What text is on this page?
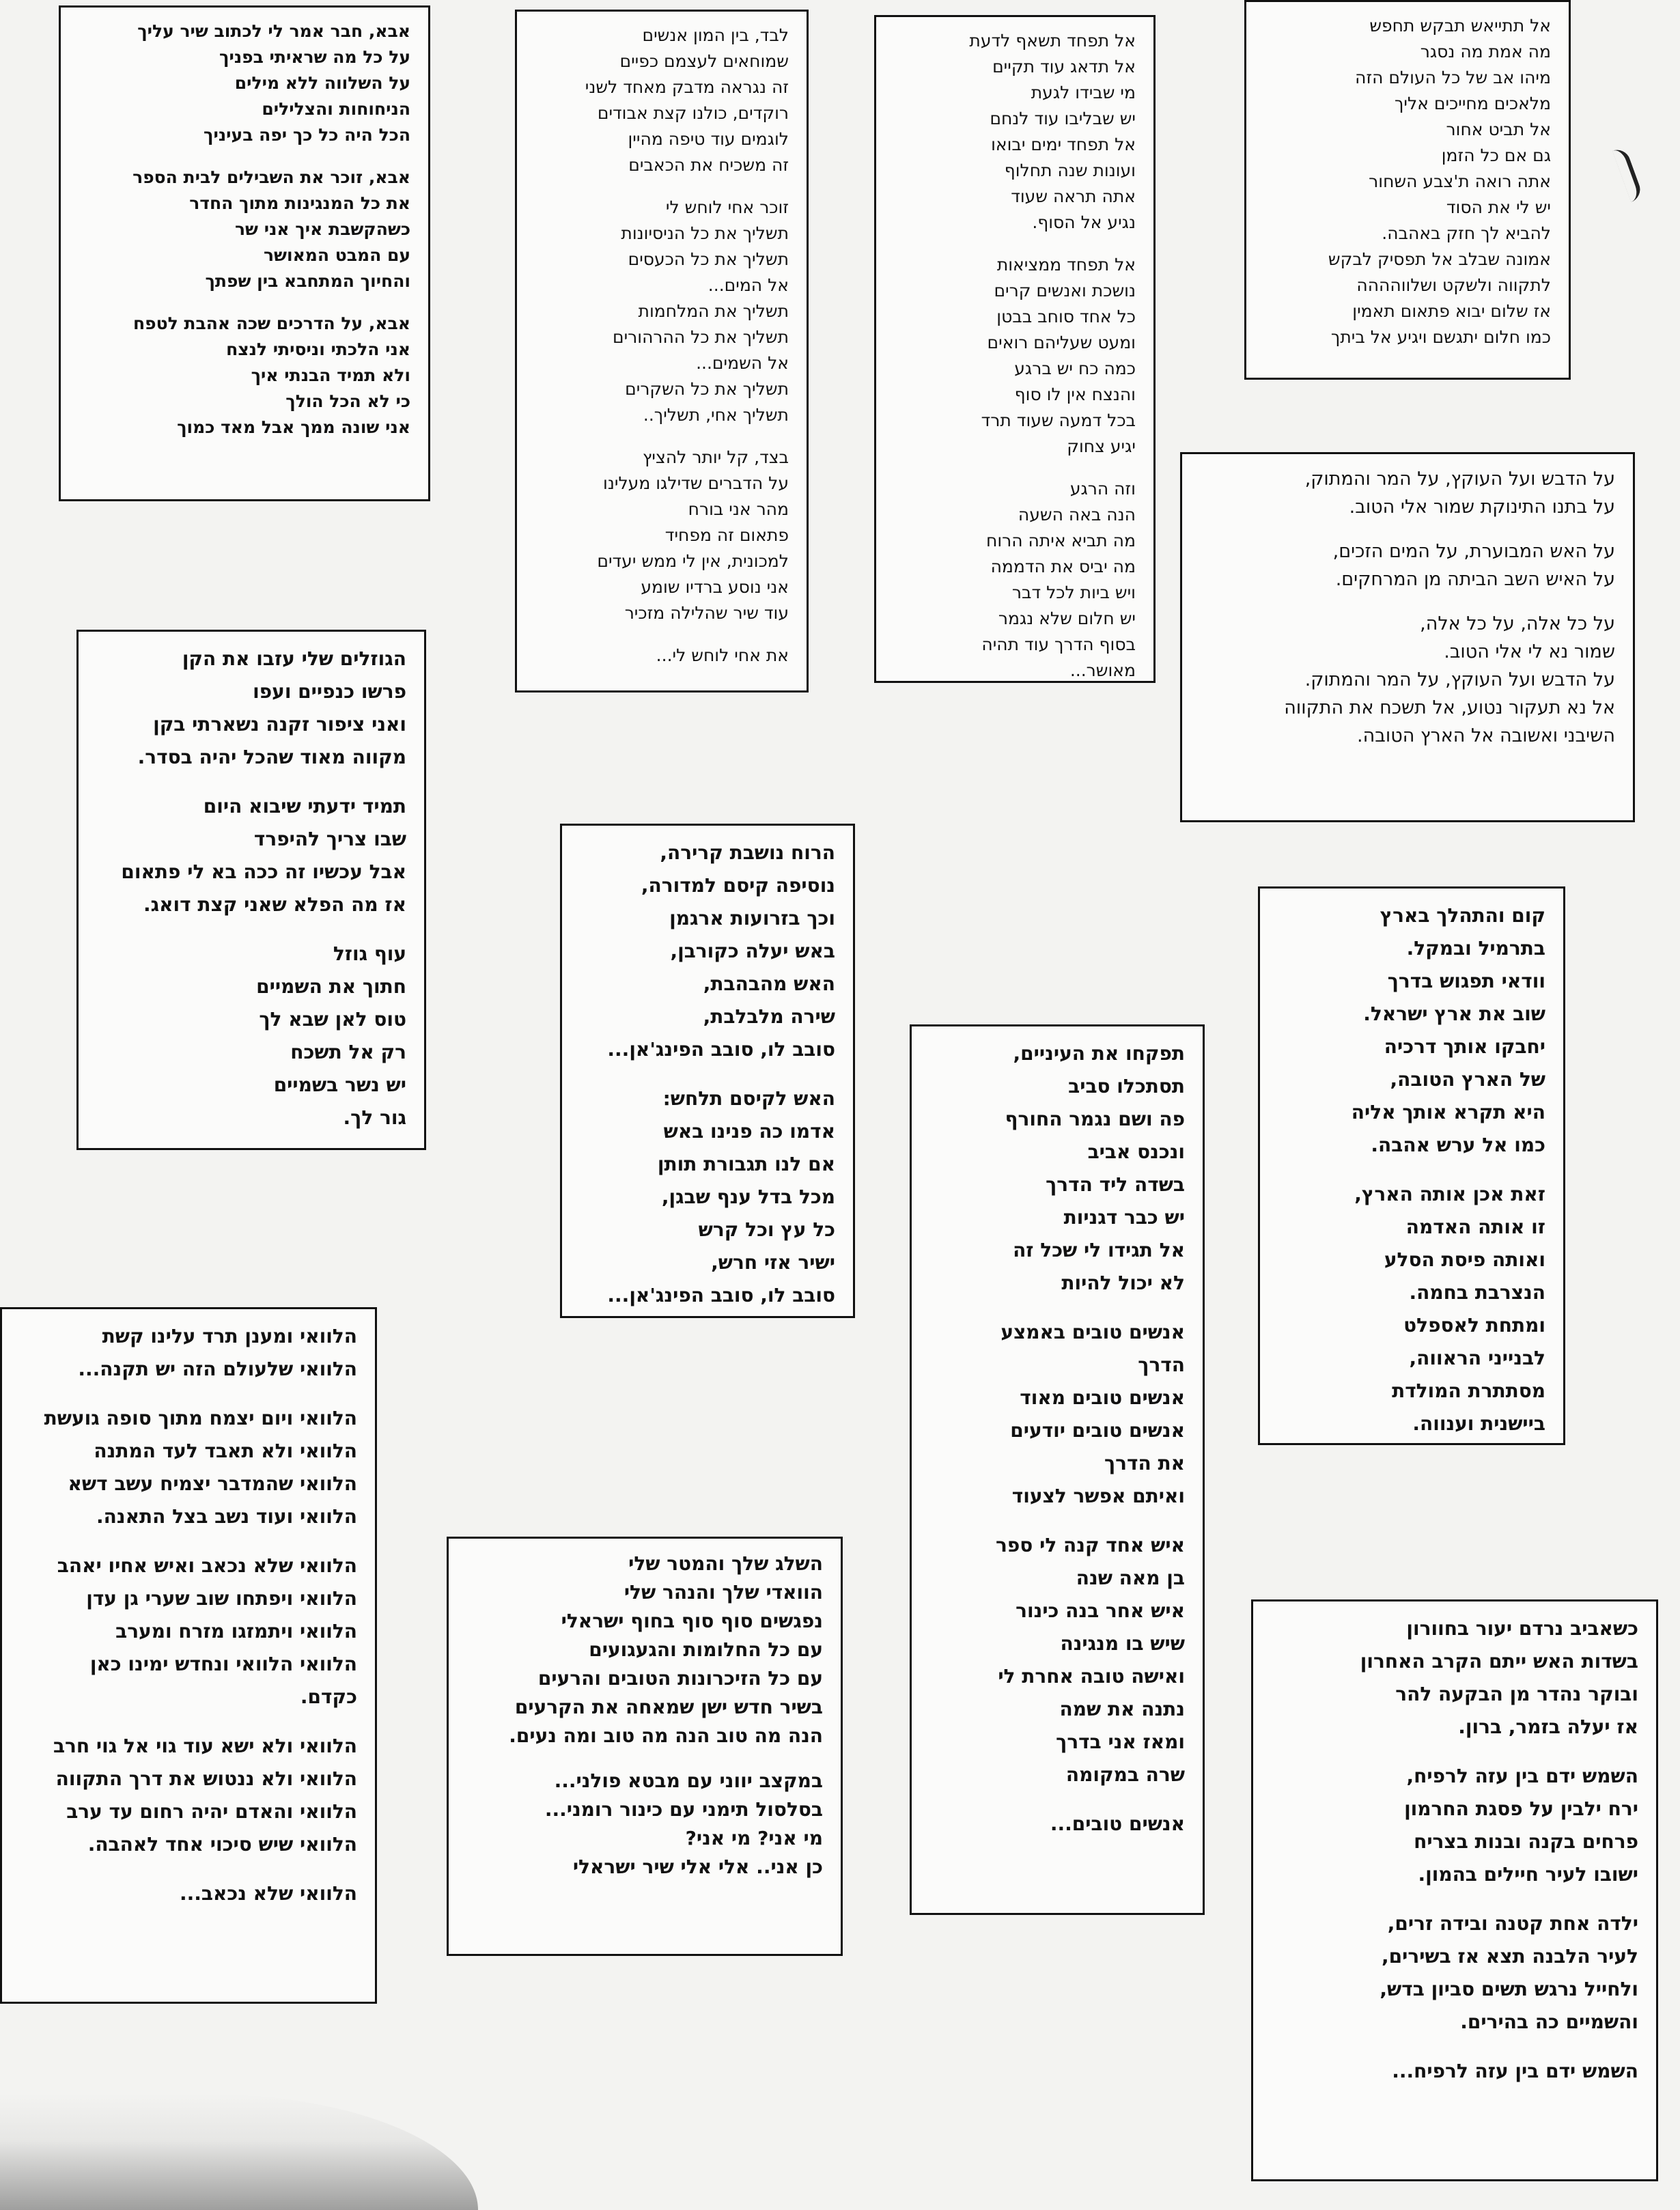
אבא, חבר אמר לי לכתוב שיר עליך
על כל מה שראיתי בפניך
על השלווה ללא מילים
הניחוחות והצלילים
הכל היה כל כך יפה בעיניך
אבא, זוכר את השבילים לבית הספר
את כל המנגינות מתוך החדר
כשהקשבת איך אני שר
עם המבט המאושר
והחיוך המתחבא בין שפתך
אבא, על הדרכים שכה אהבת לטפח
אני הלכתי וניסיתי לנצח
ולא תמיד הבנתי איך
כי לא הכל הולך
אני שונה ממך אבל מאד כמוך
לבד, בין המון אנשים
שמוחאים לעצמם כפיים
זה נגראה מדבק מאחד לשני
רוקדים, כולנו קצת אבודים
לוגמים עוד טיפה מהיין
זה משכיח את הכאבים
זוכר אחי לוחש לי
תשליך את כל הניסיונות
תשליך את כל הכעסים
אל המים...
תשליך את המלחמות
תשליך את כל ההרהורים
אל השמים...
תשליך את כל השקרים
תשליך אחי, תשליך..
בצד, קל יותר להציץ
על הדברים שדילגו מעלינו
מהר אני בורח
פתאום זה מפחיד
למכונית, אין לי ממש יעדים
אני נוסע ברדיו שומע
עוד שיר שהלילה מזכיר
את אחי לוחש לי...
אל תפחד תשאף לדעת
אל תדאג עוד תקיים
מי שבידו לגעת
יש שבליבו עוד לנחם
אל תפחד ימים יבואו
ועונות שנה תחלוף
אתה תראה שעוד
נגיע אל הסוף.
אל תפחד ממציאות
נושכת ואנשים קרים
כל אחד סוחב בבטן
ומעט שעליהם רואים
כמה כח יש ברגע
והנצח אין לו סוף
בכל דמעה שעוד תרד
יגיע צחוק
וזה הרגע
הנה באה השעה
מה תביא איתה הרוח
מה יביס את הדממה
ויש ביות לכל דבר
יש חלום שלא נגמר
בסוף הדרך עוד תהיה
מאושר...
אל תתייאש תבקש תחפש
מה אמת מה נסגר
מיהו אב של כל העולם הזה
מלאכים מחייכים אליך
אל תביט אחור
גם אם כל הזמן
אתה רואה ת'צבע השחור
יש לי את הסוד
להביא לך חזק באהבה.
אמונה שבלב אל תפסיק לבקש
לתקווה ולשקט ושלווהההה
אז שלום יבוא פתאום תאמין
כמו חלום יתגשם ויגיע אל ביתך
על הדבש ועל העוקץ, על המר והמתוק,
על בתנו התינוקת שמור אלי הטוב.
על האש המבוערת, על המים הזכים,
על האיש השב הביתה מן המרחקים.
על כל אלה, על כל אלה,
שמור נא לי אלי הטוב.
על הדבש ועל העוקץ, על המר והמתוק.
אל נא תעקור נטוע, אל תשכח את התקווה
השיבני ואשובה אל הארץ הטובה.
הגוזלים שלי עזבו את הקן
פרשו כנפיים ועפו
ואני ציפור זקנה נשארתי בקן
מקווה מאוד שהכל יהיה בסדר.
תמיד ידעתי שיבוא היום
שבו צריך להיפרד
אבל עכשיו זה ככה בא לי פתאום
אז מה הפלא שאני קצת דואג.
עוף גוזל
חתוך את השמיים
טוס לאן שבא לך
רק אל תשכח
יש נשר בשמיים
גור לך.
הרוח נושבת קרירה,
נוסיפה קיסם למדורה,
וכך בזרועות ארגמן
באש יעלה כקורבן,
האש מהבהבת,
שירה מלבלבת,
סובב לו, סובב הפינג'אן...
האש לקיסם תלחש:
אדמו כה פנינו באש
אם לנו תגבורת תותן
מכל בדל ענף שבגן,
כל עץ וכל קרש
ישיר אזי חרש,
סובב לו, סובב הפינג'אן...
קום והתהלך בארץ
בתרמיל ובמקל.
וודאי תפגוש בדרך
שוב את ארץ ישראל.
יחבקו אותך דרכיה
של הארץ הטובה,
היא תקרא אותך אליה
כמו אל ערש אהבה.
זאת אכן אותה הארץ,
זו אותה האדמה
ואותה פיסת הסלע
הנצרבת בחמה.
ומתחת לאספלט
לבנייני הראווה,
מסתתרת המולדת
ביישנית וענווה.
תפקחו את העיניים,
תסתכלו סביב
פה ושם נגמר החורף
ונכנס אביב
בשדה ליד הדרך
יש כבר דגניות
אל תגידו לי שכל זה
לא יכול להיות
אנשים טובים באמצע
הדרך
אנשים טובים מאוד
אנשים טובים יודעים
את הדרך
ואיתם אפשר לצעוד
איש אחד קנה לי ספר
בן מאה שנה
איש אחר בנה כינור
שיש בו מנגינה
ואישה טובה אחרת לי
נתנה את שמה
ומאז אני בדרך
שרה במקומה
אנשים טובים...
הלוואי ומענן תרד עלינו קשת
הלוואי שלעולם הזה יש תקנה...
הלוואי ויום יצמח מתוך סופה גועשת
הלוואי ולא תאבד לעד המתנה
הלוואי שהמדבר יצמיח עשב דשא
הלוואי ועוד נשב בצל התאנה.
הלוואי שלא נכאב ואיש אחיו יאהב
הלוואי ויפתחו שוב שערי גן עדן
הלוואי ויתמזגו מזרח ומערב
הלוואי הלוואי ונחדש ימינו כאן
כקדם.
הלוואי ולא ישא עוד גוי אל גוי חרב
הלוואי ולא ננטוש את דרך התקווה
הלוואי והאדם יהיה רחום עד ערב
הלוואי שיש סיכוי אחד לאהבה.
הלוואי שלא נכאב...
השלג שלך והמטר שלי
הוואדי שלך והנהר שלי
נפגשים סוף סוף בחוף ישראלי
עם כל החלומות והגעגועים
עם כל הזיכרונות הטובים והרעים
בשיר חדש ישן שמאחה את הקרעים
הנה מה טוב הנה מה טוב ומה נעים.
במקצב יווני עם מבטא פולני...
בסלסול תימני עם כינור רומני...
מי אני? מי אני?
כן אני.. אלי אלי שיר ישראלי
כשאביב נרדם יעור בחוורון
בשדות האש ייתם הקרב האחרון
ובוקר נהדר מן הבקעה להר
אז יעלה בזמר, ברון.
השמש ידם בין עזה לרפיח,
ירח ילבין על פסגת החרמון
פרחים בקנה ובנות בצריח
ישובו לעיר חיילים בהמון.
ילדה אחת קטנה ובידה זרים,
לעיר הלבנה תצא אז בשירים,
ולחייל נרגש תשים סביון בדש,
והשמיים כה בהירים.
השמש ידם בין עזה לרפיח...
